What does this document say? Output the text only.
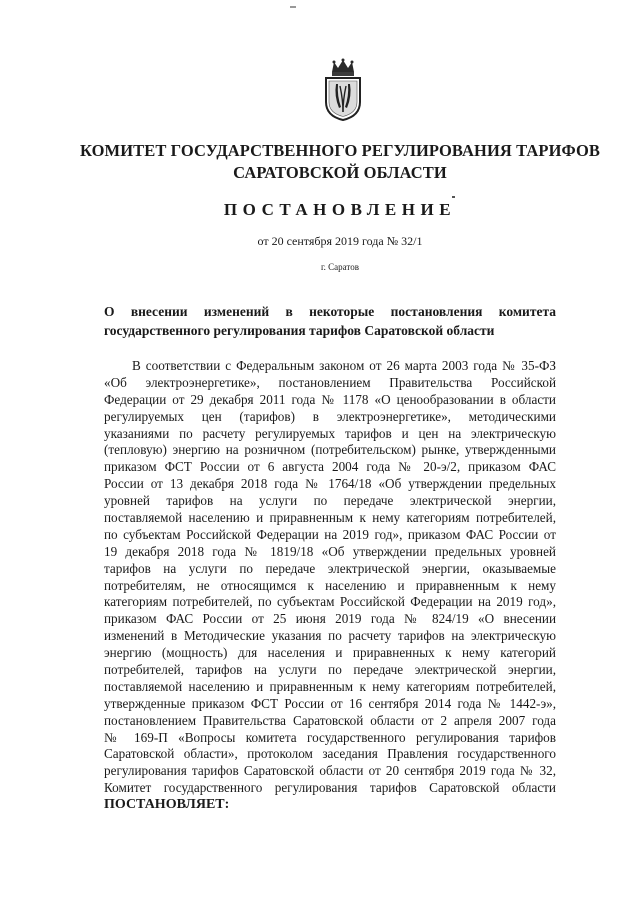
КОМИТЕТ ГОСУДАРСТВЕННОГО РЕГУЛИРОВАНИЯ ТАРИФОВ
САРАТОВСКОЙ ОБЛАСТИ
ПОСТАНОВЛЕНИЕ
от 20 сентября 2019 года № 32/1
г. Саратов
О внесении изменений в некоторые постановления комитета
государственного регулирования тарифов Саратовской области
В соответствии с Федеральным законом от 26 марта 2003 года № 35-ФЗ
«Об электроэнергетике», постановлением Правительства Российской
Федерации от 29 декабря 2011 года № 1178 «О ценообразовании в области
регулируемых цен (тарифов) в электроэнергетике», методическими
указаниями по расчету регулируемых тарифов и цен на электрическую
(тепловую) энергию на розничном (потребительском) рынке, утвержденными
приказом ФСТ России от 6 августа 2004 года № 20-э/2, приказом ФАС
России от 13 декабря 2018 года № 1764/18 «Об утверждении предельных
уровней тарифов на услуги по передаче электрической энергии,
поставляемой населению и приравненным к нему категориям потребителей,
по субъектам Российской Федерации на 2019 год», приказом ФАС России от
19 декабря 2018 года № 1819/18 «Об утверждении предельных уровней
тарифов на услуги по передаче электрической энергии, оказываемые
потребителям, не относящимся к населению и приравненным к нему
категориям потребителей, по субъектам Российской Федерации на 2019 год»,
приказом ФАС России от 25 июня 2019 года № 824/19 «О внесении
изменений в Методические указания по расчету тарифов на электрическую
энергию (мощность) для населения и приравненных к нему категорий
потребителей, тарифов на услуги по передаче электрической энергии,
поставляемой населению и приравненным к нему категориям потребителей,
утвержденные приказом ФСТ России от 16 сентября 2014 года № 1442-э»,
постановлением Правительства Саратовской области от 2 апреля 2007 года
№ 169-П «Вопросы комитета государственного регулирования тарифов
Саратовской области», протоколом заседания Правления государственного
регулирования тарифов Саратовской области от 20 сентября 2019 года № 32,
Комитет государственного регулирования тарифов Саратовской области
ПОСТАНОВЛЯЕТ:
